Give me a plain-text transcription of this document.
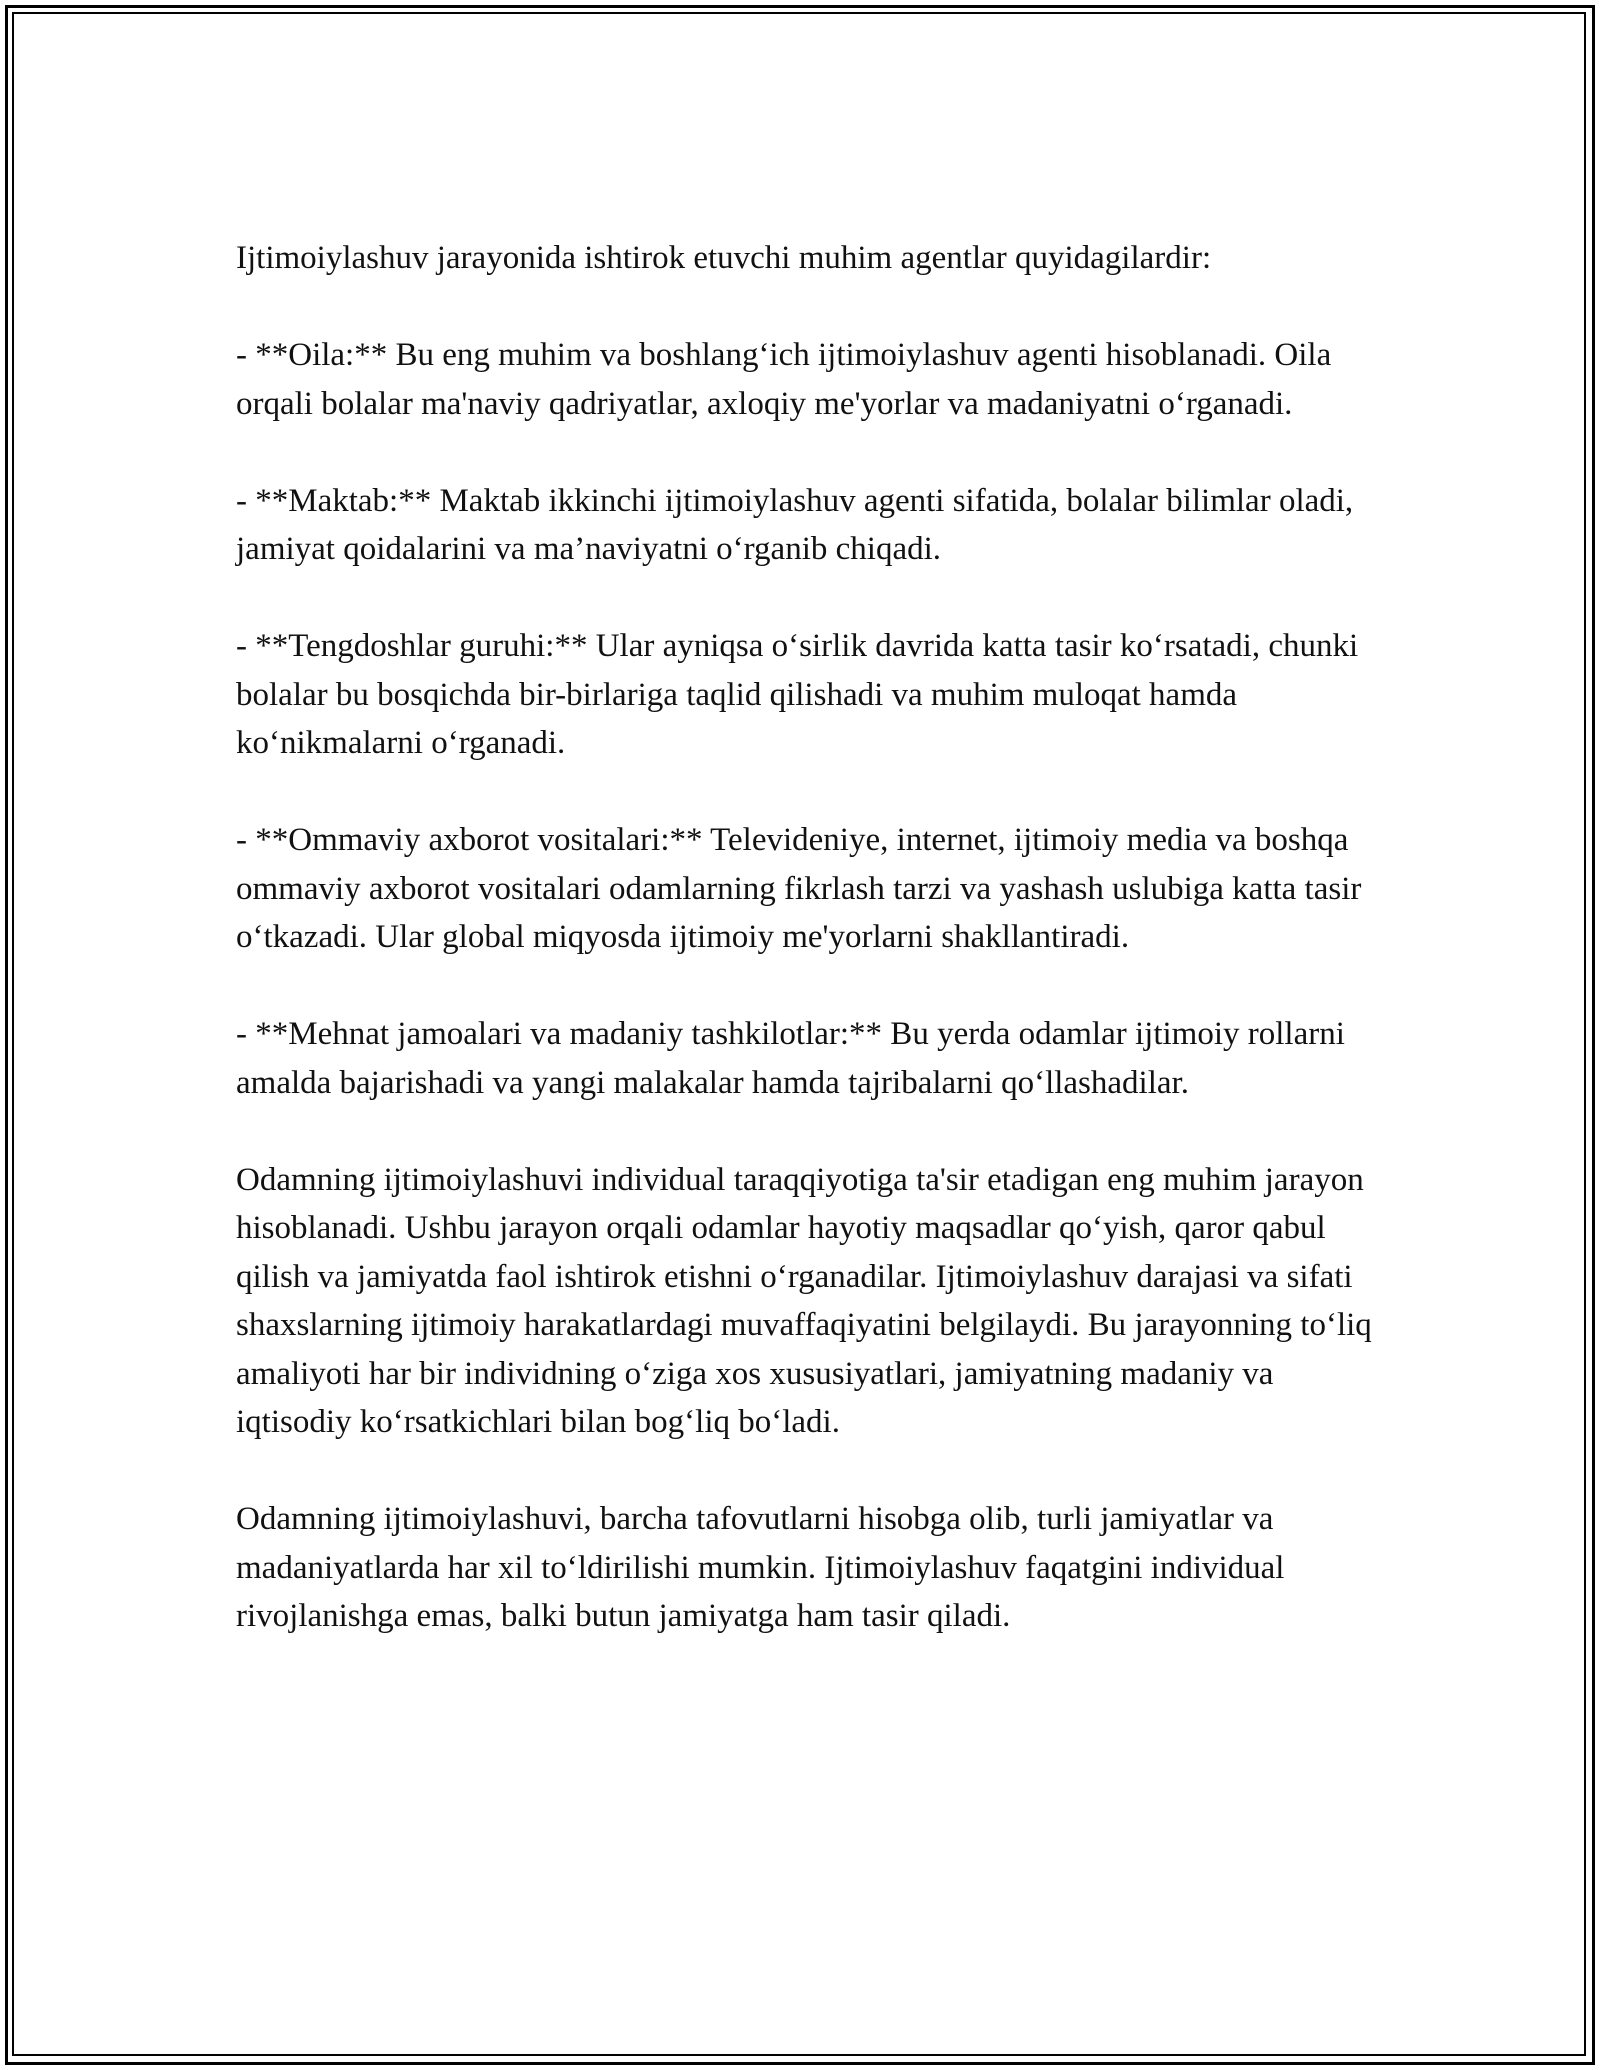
Ijtimoiylashuv jarayonida ishtirok etuvchi muhim agentlar quyidagilardir:

- **Oila:** Bu eng muhim va boshlang‘ich ijtimoiylashuv agenti hisoblanadi. Oila orqali bolalar ma'naviy qadriyatlar, axloqiy me'yorlar va madaniyatni o‘rganadi.

- **Maktab:** Maktab ikkinchi ijtimoiylashuv agenti sifatida, bolalar bilimlar oladi, jamiyat qoidalarini va ma’naviyatni o‘rganib chiqadi.

- **Tengdoshlar guruhi:** Ular ayniqsa o‘sirlik davrida katta tasir ko‘rsatadi, chunki bolalar bu bosqichda bir-birlariga taqlid qilishadi va muhim muloqat hamda ko‘nikmalarni o‘rganadi.

- **Ommaviy axborot vositalari:** Televideniye, internet, ijtimoiy media va boshqa ommaviy axborot vositalari odamlarning fikrlash tarzi va yashash uslubiga katta tasir o‘tkazadi. Ular global miqyosda ijtimoiy me'yorlarni shakllantiradi.

- **Mehnat jamoalari va madaniy tashkilotlar:** Bu yerda odamlar ijtimoiy rollarni amalda bajarishadi va yangi malakalar hamda tajribalarni qo‘llashadilar.

Odamning ijtimoiylashuvi individual taraqqiyotiga ta'sir etadigan eng muhim jarayon hisoblanadi. Ushbu jarayon orqali odamlar hayotiy maqsadlar qo‘yish, qaror qabul qilish va jamiyatda faol ishtirok etishni o‘rganadilar. Ijtimoiylashuv darajasi va sifati shaxslarning ijtimoiy harakatlardagi muvaffaqiyatini belgilaydi. Bu jarayonning to‘liq amaliyoti har bir individning o‘ziga xos xususiyatlari, jamiyatning madaniy va iqtisodiy ko‘rsatkichlari bilan bog‘liq bo‘ladi.

Odamning ijtimoiylashuvi, barcha tafovutlarni hisobga olib, turli jamiyatlar va madaniyatlarda har xil to‘ldirilishi mumkin. Ijtimoiylashuv faqatgini individual rivojlanishga emas, balki butun jamiyatga ham tasir qiladi.
